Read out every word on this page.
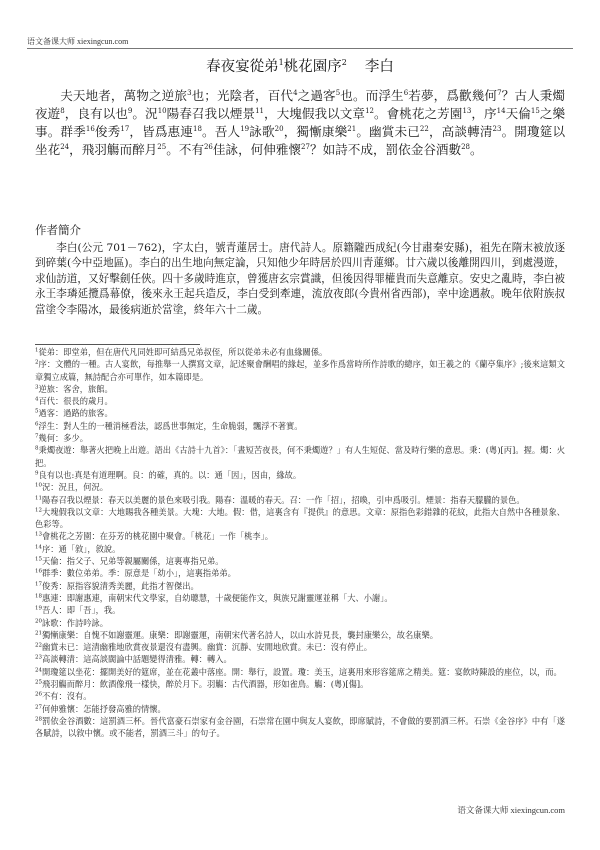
语文备课大师 xiexingcun.com
春夜宴從弟$^1$桃花園序$^2$ 李白
夫天地者，萬物之逆旅$^3$也；光陰者，百代$^4$之過客$^5$也。而浮生$^6$若夢，爲歡幾何$^7$？古人秉燭夜遊$^8$，良有以也$^9$。況$^{10}$陽春召我以煙景$^{11}$，大塊假我以文章$^{12}$。會桃花之芳園$^{13}$，序$^{14}$天倫$^{15}$之樂事。群季$^{16}$俊秀$^{17}$，皆爲惠連$^{18}$。吾人$^{19}$詠歌$^{20}$，獨慚康樂$^{21}$。幽賞未已$^{22}$，高談轉清$^{23}$。開瓊筵以坐花$^{24}$，飛羽觴而醉月$^{25}$。不有$^{26}$佳詠，何伸雅懷$^{27}$？如詩不成，罰依金谷酒數$^{28}$。
作者簡介
李白(公元 701－762)，字太白，號青蓮居士。唐代詩人。原籍隴西成紀(今甘肅秦安縣)，祖先在隋末被放逐到碎葉(今中亞地區)。李白的出生地向無定論，只知他少年時居於四川青蓮鄉。廿六歲以後離開四川，到處漫遊，求仙訪道，又好擊劍任俠。四十多歲時進京，曾獲唐玄宗賞識，但後因得罪權貴而失意離京。安史之亂時，李白被永王李璘延攬爲幕僚，後來永王起兵造反，李白受到牽連，流放夜郎(今貴州省西部)，幸中途遇赦。晚年依附族叔當塗令李陽冰，最後病逝於當塗，終年六十二歲。

$^1$從弟：即堂弟，但在唐代凡同姓即可結爲兄弟叔侄，所以從弟未必有血緣關係。

$^2$序：文體的一種。古人宴飲，每推舉一人撰寫文章，記述聚會酬唱的緣起，並多作爲當時所作詩歌的總序，如王羲之的《蘭亭集序》;後來這類文章獨立成篇，無詩配合亦可單作，如本篇即是。

$^3$逆旅：客舍，旅館。

$^4$百代：很長的歲月。

$^5$過客：過路的旅客。

$^6$浮生：對人生的一種消極看法，認爲世事無定，生命脆弱，飄浮不著實。

$^7$幾何：多少。

$^8$秉燭夜遊：舉著火把晚上出遊。語出《古詩十九首》：「晝短苦夜長，何不秉燭遊？」有人生短促、當及時行樂的意思。秉：(粵)[丙]。握。燭：火把。

$^9$良有以也:真是有道理啊。良：的確，真的。以：通「因」，因由，緣故。

$^{10}$況：況且，何況。

$^{11}$陽春召我以煙景：春天以美麗的景色來吸引我。陽春：溫暖的春天。召：一作「招」，招喚，引申爲吸引。煙景：指春天朦朧的景色。

$^{12}$大塊假我以文章：大地賜我各種美景。大塊：大地。假：借，這裏含有『提供』的意思。文章：原指色彩錯雜的花紋，此指大自然中各種景象、色彩等。

$^{13}$會桃花之芳園：在芬芳的桃花園中聚會。「桃花」一作「桃李」。

$^{14}$序：通「敘」，敘說。

$^{15}$天倫：指父子、兄弟等親屬關係，這裏專指兄弟。

$^{16}$群季：數位弟弟。季：原意是「幼小」，這裏指弟弟。

$^{17}$俊秀：原指容貌清秀美麗，此指才智傑出。

$^{18}$惠連：即謝惠連，南朝宋代文學家，自幼聰慧，十歲便能作文，與族兄謝靈運並稱「大、小謝」。

$^{19}$吾人：即「吾」，我。

$^{20}$詠歌：作詩吟詠。

$^{21}$獨慚康樂：自愧不如謝靈運。康樂：即謝靈運，南朝宋代著名詩人，以山水詩見長，襲封康樂公，故名康樂。

$^{22}$幽賞未已：這清幽雅地欣賞夜景還沒有盡興。幽賞：沉靜、安閒地欣賞。未已：沒有停止。

$^{23}$高談轉清：這高談闊論中話題變得清雅。轉：轉入。

$^{24}$開瓊筵以坐花：擺開美好的筵席，並在花叢中落座。開：舉行，設置。瓊：美玉，這裏用來形容筵席之精美。筵：宴飲時陳設的座位，以，而。

$^{25}$飛羽觴而醉月：飲酒像飛一樣快，醉於月下。羽觴：古代酒器，形如雀鳥。觴：(粵)[傷]。

$^{26}$不有：沒有。

$^{27}$何伸雅懷：怎能抒發高雅的情懷。

$^{28}$罰依金谷酒數：這罰酒三杯。晉代富豪石崇家有金谷園，石崇常在園中與友人宴飲，即席賦詩，不會做的要罰酒三杯。石崇《金谷序》中有「遂各賦詩，以敘中懷。或不能者，罰酒三斗」的句子。

语文备课大师 xiexingcun.com
